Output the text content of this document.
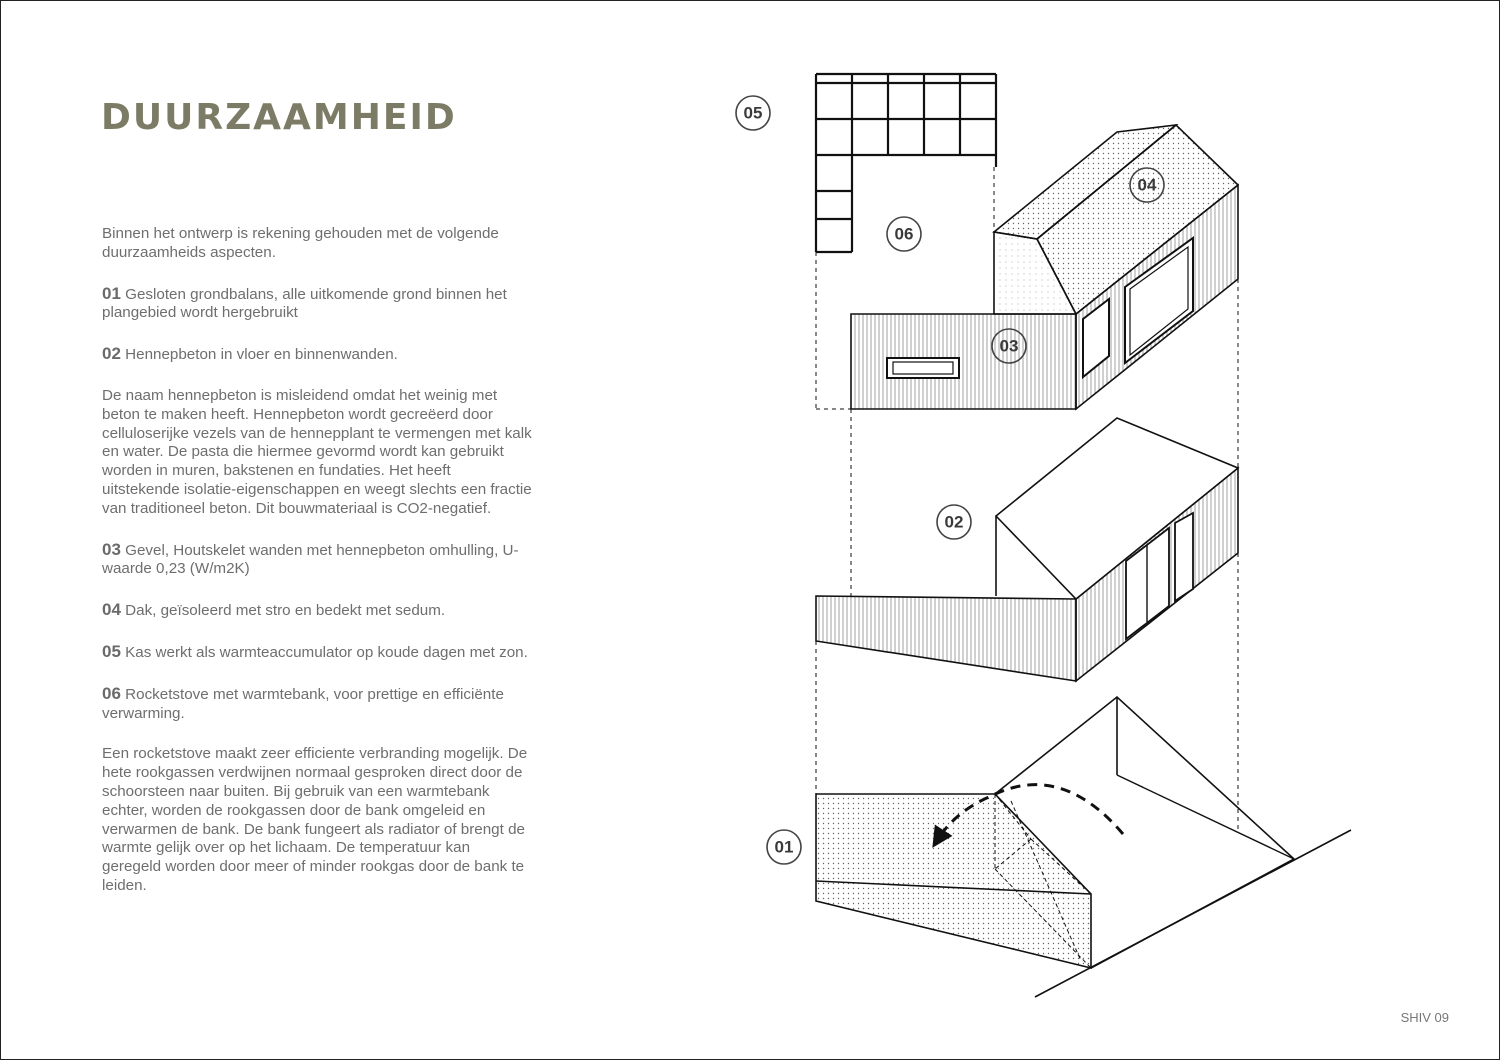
DUURZAAMHEID

Binnen het ontwerp is rekening gehouden met de volgende duurzaamheids aspecten.

01 Gesloten grondbalans, alle uitkomende grond binnen het plangebied wordt hergebruikt

02 Hennepbeton in vloer en binnenwanden.

De naam hennepbeton is misleidend omdat het weinig met beton te maken heeft. Hennepbeton wordt gecreëerd door celluloserijke vezels van de hennepplant te vermengen met kalk en water. De pasta die hiermee gevormd wordt kan gebruikt worden in muren, bakstenen en fundaties. Het heeft uitstekende isolatie-eigenschappen en weegt slechts een fractie van traditioneel beton. Dit bouwmateriaal is CO2-negatief.

03 Gevel, Houtskelet wanden met hennepbeton omhulling, U-waarde 0,23 (W/m2K)

04 Dak, geïsoleerd met stro en bedekt met sedum.

05 Kas werkt als warmteaccumulator op koude dagen met zon.

06 Rocketstove met warmtebank, voor prettige en efficiënte verwarming.

Een rocketstove maakt zeer efficiente verbranding mogelijk. De hete rookgassen verdwijnen normaal gesproken direct door de schoorsteen naar buiten. Bij gebruik van een warmtebank echter, worden de rookgassen door de bank omgeleid en verwarmen de bank. De bank fungeert als radiator of brengt de warmte gelijk over op het lichaam. De temperatuur kan geregeld worden door meer of minder rookgas door de bank te leiden.

05
06
04
03
02
01
SHIV 09
